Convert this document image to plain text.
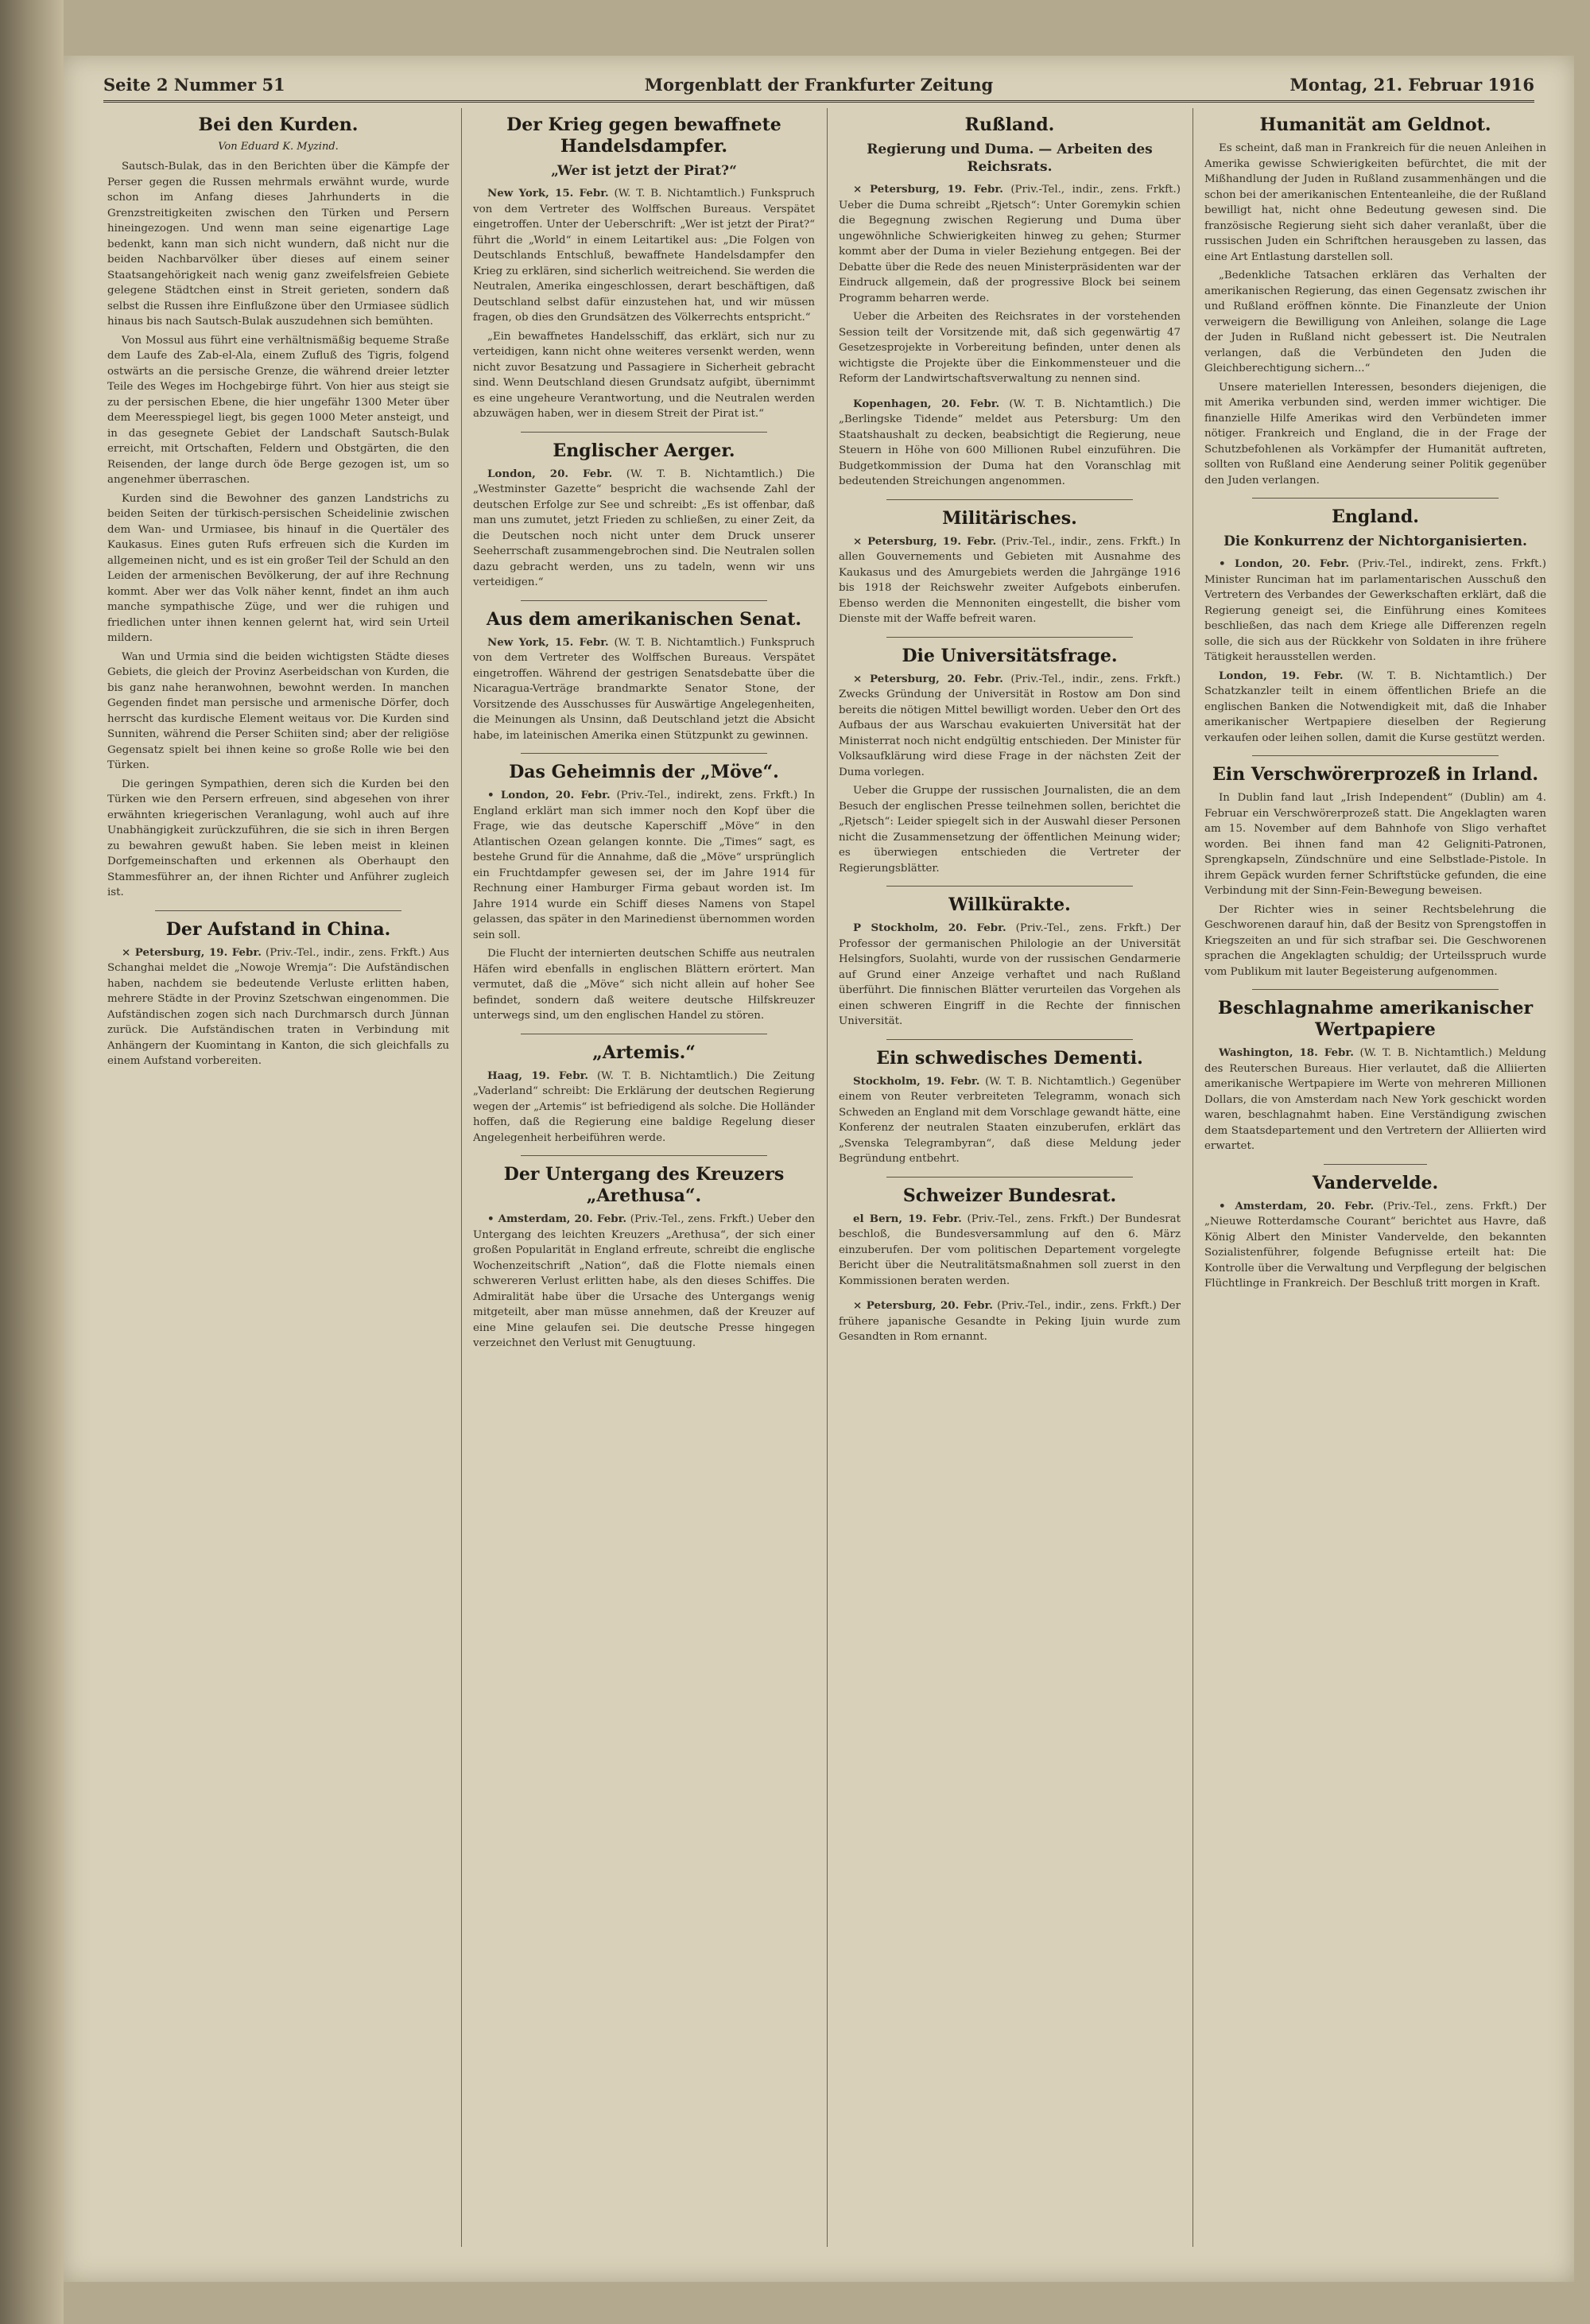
Seite 2 Nummer 51	Morgenblatt der Frankfurter Zeitung	Montag, 21. Februar 1916
Bei den Kurden.
Von Eduard K. Myzind.

Sautsch-Bulak, das in den Berichten über die Kämpfe der Perser gegen die Russen mehrmals erwähnt wurde, wurde schon im Anfang dieses Jahrhunderts in die Grenzstreitigkeiten zwischen den Türken und Persern hineingezogen. Und wenn man seine eigenartige Lage bedenkt, kann man sich nicht wundern, daß nicht nur die beiden Nachbarvölker über dieses auf einem seiner Staatsangehörigkeit nach wenig ganz zweifelsfreien Gebiete gelegene Städtchen einst in Streit gerieten, sondern daß selbst die Russen ihre Einflußzone über den Urmiasee südlich hinaus bis nach Sautsch-Bulak auszudehnen sich bemühten.

Von Mossul aus führt eine verhältnismäßig bequeme Straße dem Laufe des Zab-el-Ala, einem Zufluß des Tigris, folgend ostwärts an die persische Grenze, die während dreier letzter Teile des Weges im Hochgebirge führt. Von hier aus steigt sie zu der persischen Ebene, die hier ungefähr 1300 Meter über dem Meeresspiegel liegt, bis gegen 1000 Meter ansteigt, und in das gesegnete Gebiet der Landschaft Sautsch-Bulak erreicht, mit Ortschaften, Feldern und Obstgärten, die den Reisenden, der lange durch öde Berge gezogen ist, um so angenehmer überraschen.

Kurden sind die Bewohner des ganzen Landstrichs zu beiden Seiten der türkisch-persischen Scheidelinie zwischen dem Wan- und Urmiasee, bis hinauf in die Quertäler des Kaukasus. Eines guten Rufs erfreuen sich die Kurden im allgemeinen nicht, und es ist ein großer Teil der Schuld an den Leiden der armenischen Bevölkerung, der auf ihre Rechnung kommt. Aber wer das Volk näher kennt, findet an ihm auch manche sympathische Züge, und wer die ruhigen und friedlichen unter ihnen kennen gelernt hat, wird sein Urteil mildern.

Wan und Urmia sind die beiden wichtigsten Städte dieses Gebiets, die gleich der Provinz Aserbeidschan von Kurden, die bis ganz nahe heranwohnen, bewohnt werden. In manchen Gegenden findet man persische und armenische Dörfer, doch herrscht das kurdische Element weitaus vor. Die Kurden sind Sunniten, während die Perser Schiiten sind; aber der religiöse Gegensatz spielt bei ihnen keine so große Rolle wie bei den Türken.

Die geringen Sympathien, deren sich die Kurden bei den Türken wie den Persern erfreuen, sind abgesehen von ihrer erwähnten kriegerischen Veranlagung, wohl auch auf ihre Unabhängigkeit zurückzuführen, die sie sich in ihren Bergen zu bewahren gewußt haben. Sie leben meist in kleinen Dorfgemeinschaften und erkennen als Oberhaupt den Stammesführer an, der ihnen Richter und Anführer zugleich ist.

Der Aufstand in China.

× Petersburg, 19. Febr. (Priv.-Tel., indir., zens. Frkft.) Aus Schanghai meldet die „Nowoje Wremja“: Die Aufständischen haben, nachdem sie bedeutende Verluste erlitten haben, mehrere Städte in der Provinz Szetschwan eingenommen. Die Aufständischen zogen sich nach Durchmarsch durch Jünnan zurück. Die Aufständischen traten in Verbindung mit Anhängern der Kuomintang in Kanton, die sich gleichfalls zu einem Aufstand vorbereiten.

Der Krieg gegen bewaffnete Handelsdampfer.
„Wer ist jetzt der Pirat?“

New York, 15. Febr. (W. T. B. Nichtamtlich.) Funkspruch von dem Vertreter des Wolffschen Bureaus. Verspätet eingetroffen. Unter der Ueberschrift: „Wer ist jetzt der Pirat?“ führt die „World“ in einem Leitartikel aus: „Die Folgen von Deutschlands Entschluß, bewaffnete Handelsdampfer den Krieg zu erklären, sind sicherlich weitreichend. Sie werden die Neutralen, Amerika eingeschlossen, derart beschäftigen, daß Deutschland selbst dafür einzustehen hat, und wir müssen fragen, ob dies den Grundsätzen des Völkerrechts entspricht.“

„Ein bewaffnetes Handelsschiff, das erklärt, sich nur zu verteidigen, kann nicht ohne weiteres versenkt werden, wenn nicht zuvor Besatzung und Passagiere in Sicherheit gebracht sind. Wenn Deutschland diesen Grundsatz aufgibt, übernimmt es eine ungeheure Verantwortung, und die Neutralen werden abzuwägen haben, wer in diesem Streit der Pirat ist.“

Englischer Aerger.

London, 20. Febr. (W. T. B. Nichtamtlich.) Die „Westminster Gazette“ bespricht die wachsende Zahl der deutschen Erfolge zur See und schreibt: „Es ist offenbar, daß man uns zumutet, jetzt Frieden zu schließen, zu einer Zeit, da die Deutschen noch nicht unter dem Druck unserer Seeherrschaft zusammengebrochen sind. Die Neutralen sollen dazu gebracht werden, uns zu tadeln, wenn wir uns verteidigen.“

Aus dem amerikanischen Senat.

New York, 15. Febr. (W. T. B. Nichtamtlich.) Funkspruch von dem Vertreter des Wolffschen Bureaus. Verspätet eingetroffen. Während der gestrigen Senatsdebatte über die Nicaragua-Verträge brandmarkte Senator Stone, der Vorsitzende des Ausschusses für Auswärtige Angelegenheiten, die Meinungen als Unsinn, daß Deutschland jetzt die Absicht habe, im lateinischen Amerika einen Stützpunkt zu gewinnen.

Das Geheimnis der „Möve“.

• London, 20. Febr. (Priv.-Tel., indirekt, zens. Frkft.) In England erklärt man sich immer noch den Kopf über die Frage, wie das deutsche Kaperschiff „Möve“ in den Atlantischen Ozean gelangen konnte. Die „Times“ sagt, es bestehe Grund für die Annahme, daß die „Möve“ ursprünglich ein Fruchtdampfer gewesen sei, der im Jahre 1914 für Rechnung einer Hamburger Firma gebaut worden ist. Im Jahre 1914 wurde ein Schiff dieses Namens von Stapel gelassen, das später in den Marinedienst übernommen worden sein soll.

Die Flucht der internierten deutschen Schiffe aus neutralen Häfen wird ebenfalls in englischen Blättern erörtert. Man vermutet, daß die „Möve“ sich nicht allein auf hoher See befindet, sondern daß weitere deutsche Hilfskreuzer unterwegs sind, um den englischen Handel zu stören.

„Artemis.“

Haag, 19. Febr. (W. T. B. Nichtamtlich.) Die Zeitung „Vaderland“ schreibt: Die Erklärung der deutschen Regierung wegen der „Artemis“ ist befriedigend als solche. Die Holländer hoffen, daß die Regierung eine baldige Regelung dieser Angelegenheit herbeiführen werde.

Der Untergang des Kreuzers „Arethusa“.

• Amsterdam, 20. Febr. (Priv.-Tel., zens. Frkft.) Ueber den Untergang des leichten Kreuzers „Arethusa“, der sich einer großen Popularität in England erfreute, schreibt die englische Wochenzeitschrift „Nation“, daß die Flotte niemals einen schwereren Verlust erlitten habe, als den dieses Schiffes. Die Admiralität habe über die Ursache des Untergangs wenig mitgeteilt, aber man müsse annehmen, daß der Kreuzer auf eine Mine gelaufen sei. Die deutsche Presse hingegen verzeichnet den Verlust mit Genugtuung.

Rußland.
Regierung und Duma. — Arbeiten des Reichsrats.

× Petersburg, 19. Febr. (Priv.-Tel., indir., zens. Frkft.) Ueber die Duma schreibt „Rjetsch“: Unter Goremykin schien die Begegnung zwischen Regierung und Duma über ungewöhnliche Schwierigkeiten hinweg zu gehen; Sturmer kommt aber der Duma in vieler Beziehung entgegen. Bei der Debatte über die Rede des neuen Ministerpräsidenten war der Eindruck allgemein, daß der progressive Block bei seinem Programm beharren werde.

Ueber die Arbeiten des Reichsrates in der vorstehenden Session teilt der Vorsitzende mit, daß sich gegenwärtig 47 Gesetzesprojekte in Vorbereitung befinden, unter denen als wichtigste die Projekte über die Einkommensteuer und die Reform der Landwirtschaftsverwaltung zu nennen sind.

Kopenhagen, 20. Febr. (W. T. B. Nichtamtlich.) Die „Berlingske Tidende“ meldet aus Petersburg: Um den Staatshaushalt zu decken, beabsichtigt die Regierung, neue Steuern in Höhe von 600 Millionen Rubel einzuführen. Die Budgetkommission der Duma hat den Voranschlag mit bedeutenden Streichungen angenommen.

Militärisches.

× Petersburg, 19. Febr. (Priv.-Tel., indir., zens. Frkft.) In allen Gouvernements und Gebieten mit Ausnahme des Kaukasus und des Amurgebiets werden die Jahrgänge 1916 bis 1918 der Reichswehr zweiter Aufgebots einberufen. Ebenso werden die Mennoniten eingestellt, die bisher vom Dienste mit der Waffe befreit waren.

Die Universitätsfrage.

× Petersburg, 20. Febr. (Priv.-Tel., indir., zens. Frkft.) Zwecks Gründung der Universität in Rostow am Don sind bereits die nötigen Mittel bewilligt worden. Ueber den Ort des Aufbaus der aus Warschau evakuierten Universität hat der Ministerrat noch nicht endgültig entschieden. Der Minister für Volksaufklärung wird diese Frage in der nächsten Zeit der Duma vorlegen.

Ueber die Gruppe der russischen Journalisten, die an dem Besuch der englischen Presse teilnehmen sollen, berichtet die „Rjetsch“: Leider spiegelt sich in der Auswahl dieser Personen nicht die Zusammensetzung der öffentlichen Meinung wider; es überwiegen entschieden die Vertreter der Regierungsblätter.

Willkürakte.

P Stockholm, 20. Febr. (Priv.-Tel., zens. Frkft.) Der Professor der germanischen Philologie an der Universität Helsingfors, Suolahti, wurde von der russischen Gendarmerie auf Grund einer Anzeige verhaftet und nach Rußland überführt. Die finnischen Blätter verurteilen das Vorgehen als einen schweren Eingriff in die Rechte der finnischen Universität.

Ein schwedisches Dementi.

Stockholm, 19. Febr. (W. T. B. Nichtamtlich.) Gegenüber einem von Reuter verbreiteten Telegramm, wonach sich Schweden an England mit dem Vorschlage gewandt hätte, eine Konferenz der neutralen Staaten einzuberufen, erklärt das „Svenska Telegrambyran“, daß diese Meldung jeder Begründung entbehrt.

Schweizer Bundesrat.

el Bern, 19. Febr. (Priv.-Tel., zens. Frkft.) Der Bundesrat beschloß, die Bundesversammlung auf den 6. März einzuberufen. Der vom politischen Departement vorgelegte Bericht über die Neutralitätsmaßnahmen soll zuerst in den Kommissionen beraten werden.

× Petersburg, 20. Febr. (Priv.-Tel., indir., zens. Frkft.) Der frühere japanische Gesandte in Peking Ijuin wurde zum Gesandten in Rom ernannt.

Humanität am Geldnot.

Es scheint, daß man in Frankreich für die neuen Anleihen in Amerika gewisse Schwierigkeiten befürchtet, die mit der Mißhandlung der Juden in Rußland zusammenhängen und die schon bei der amerikanischen Ententeanleihe, die der Rußland bewilligt hat, nicht ohne Bedeutung gewesen sind. Die französische Regierung sieht sich daher veranlaßt, über die russischen Juden ein Schriftchen herausgeben zu lassen, das eine Art Entlastung darstellen soll.

„Bedenkliche Tatsachen erklären das Verhalten der amerikanischen Regierung, das einen Gegensatz zwischen ihr und Rußland eröffnen könnte. Die Finanzleute der Union verweigern die Bewilligung von Anleihen, solange die Lage der Juden in Rußland nicht gebessert ist. Die Neutralen verlangen, daß die Verbündeten den Juden die Gleichberechtigung sichern...“

Unsere materiellen Interessen, besonders diejenigen, die mit Amerika verbunden sind, werden immer wichtiger. Die finanzielle Hilfe Amerikas wird den Verbündeten immer nötiger. Frankreich und England, die in der Frage der Schutzbefohlenen als Vorkämpfer der Humanität auftreten, sollten von Rußland eine Aenderung seiner Politik gegenüber den Juden verlangen.

England.
Die Konkurrenz der Nichtorganisierten.

• London, 20. Febr. (Priv.-Tel., indirekt, zens. Frkft.) Minister Runciman hat im parlamentarischen Ausschuß den Vertretern des Verbandes der Gewerkschaften erklärt, daß die Regierung geneigt sei, die Einführung eines Komitees beschließen, das nach dem Kriege alle Differenzen regeln solle, die sich aus der Rückkehr von Soldaten in ihre frühere Tätigkeit herausstellen werden.

London, 19. Febr. (W. T. B. Nichtamtlich.) Der Schatzkanzler teilt in einem öffentlichen Briefe an die englischen Banken die Notwendigkeit mit, daß die Inhaber amerikanischer Wertpapiere dieselben der Regierung verkaufen oder leihen sollen, damit die Kurse gestützt werden.

Ein Verschwörerprozeß in Irland.

In Dublin fand laut „Irish Independent“ (Dublin) am 4. Februar ein Verschwörerprozeß statt. Die Angeklagten waren am 15. November auf dem Bahnhofe von Sligo verhaftet worden. Bei ihnen fand man 42 Geligniti-Patronen, Sprengkapseln, Zündschnüre und eine Selbstlade-Pistole. In ihrem Gepäck wurden ferner Schriftstücke gefunden, die eine Verbindung mit der Sinn-Fein-Bewegung beweisen.

Der Richter wies in seiner Rechtsbelehrung die Geschworenen darauf hin, daß der Besitz von Sprengstoffen in Kriegszeiten an und für sich strafbar sei. Die Geschworenen sprachen die Angeklagten schuldig; der Urteilsspruch wurde vom Publikum mit lauter Begeisterung aufgenommen.

Beschlagnahme amerikanischer Wertpapiere

Washington, 18. Febr. (W. T. B. Nichtamtlich.) Meldung des Reuterschen Bureaus. Hier verlautet, daß die Alliierten amerikanische Wertpapiere im Werte von mehreren Millionen Dollars, die von Amsterdam nach New York geschickt worden waren, beschlagnahmt haben. Eine Verständigung zwischen dem Staatsdepartement und den Vertretern der Alliierten wird erwartet.

Vandervelde.

• Amsterdam, 20. Febr. (Priv.-Tel., zens. Frkft.) Der „Nieuwe Rotterdamsche Courant“ berichtet aus Havre, daß König Albert den Minister Vandervelde, den bekannten Sozialistenführer, folgende Befugnisse erteilt hat: Die Kontrolle über die Verwaltung und Verpflegung der belgischen Flüchtlinge in Frankreich. Der Beschluß tritt morgen in Kraft.
